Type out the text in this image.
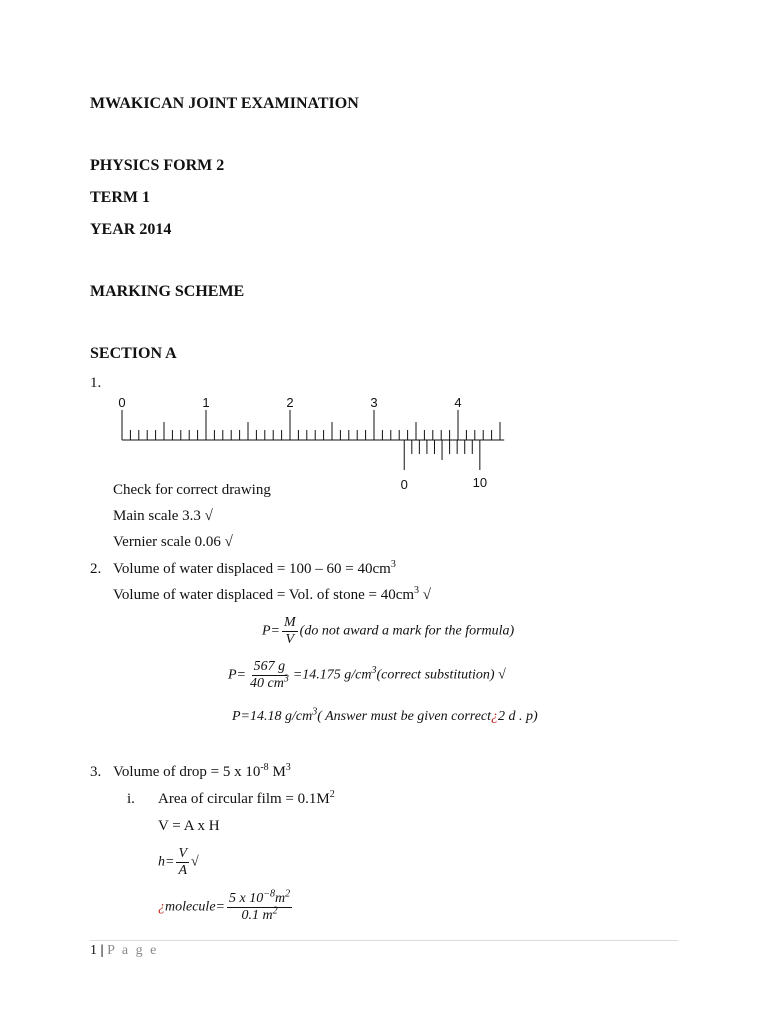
MWAKICAN JOINT EXAMINATION
PHYSICS FORM 2
TERM 1
YEAR 2014
MARKING SCHEME
SECTION A
1.
0	1	2	3	4
0	10
Check for correct drawing
Main scale 3.3 √
Vernier scale 0.06 √
2. Volume of water displaced = $100 - 60 = 40cm^3$
Volume of water displaced = Vol. of stone = $40cm^3$ √
$P= \frac{M}{V} (do$ not award a mark for the formula)
$P= \frac{567 g}{40 cm^3} =14.175$ $g/cm^3(correct$ substitution) √
P=14.18 $g/cm^3$( Answer must be given correct¿2 d . p)
3. Volume of drop = 5 x $10^{-8}$ $M^3$
i. Area of circular film = $0.1M^2$
V = A x H
$h= \frac{V}{A}$ √
¿molecule= $\frac{5 x 10^{-8}m^2}{0.1 m^2}$
1 | P a g e
